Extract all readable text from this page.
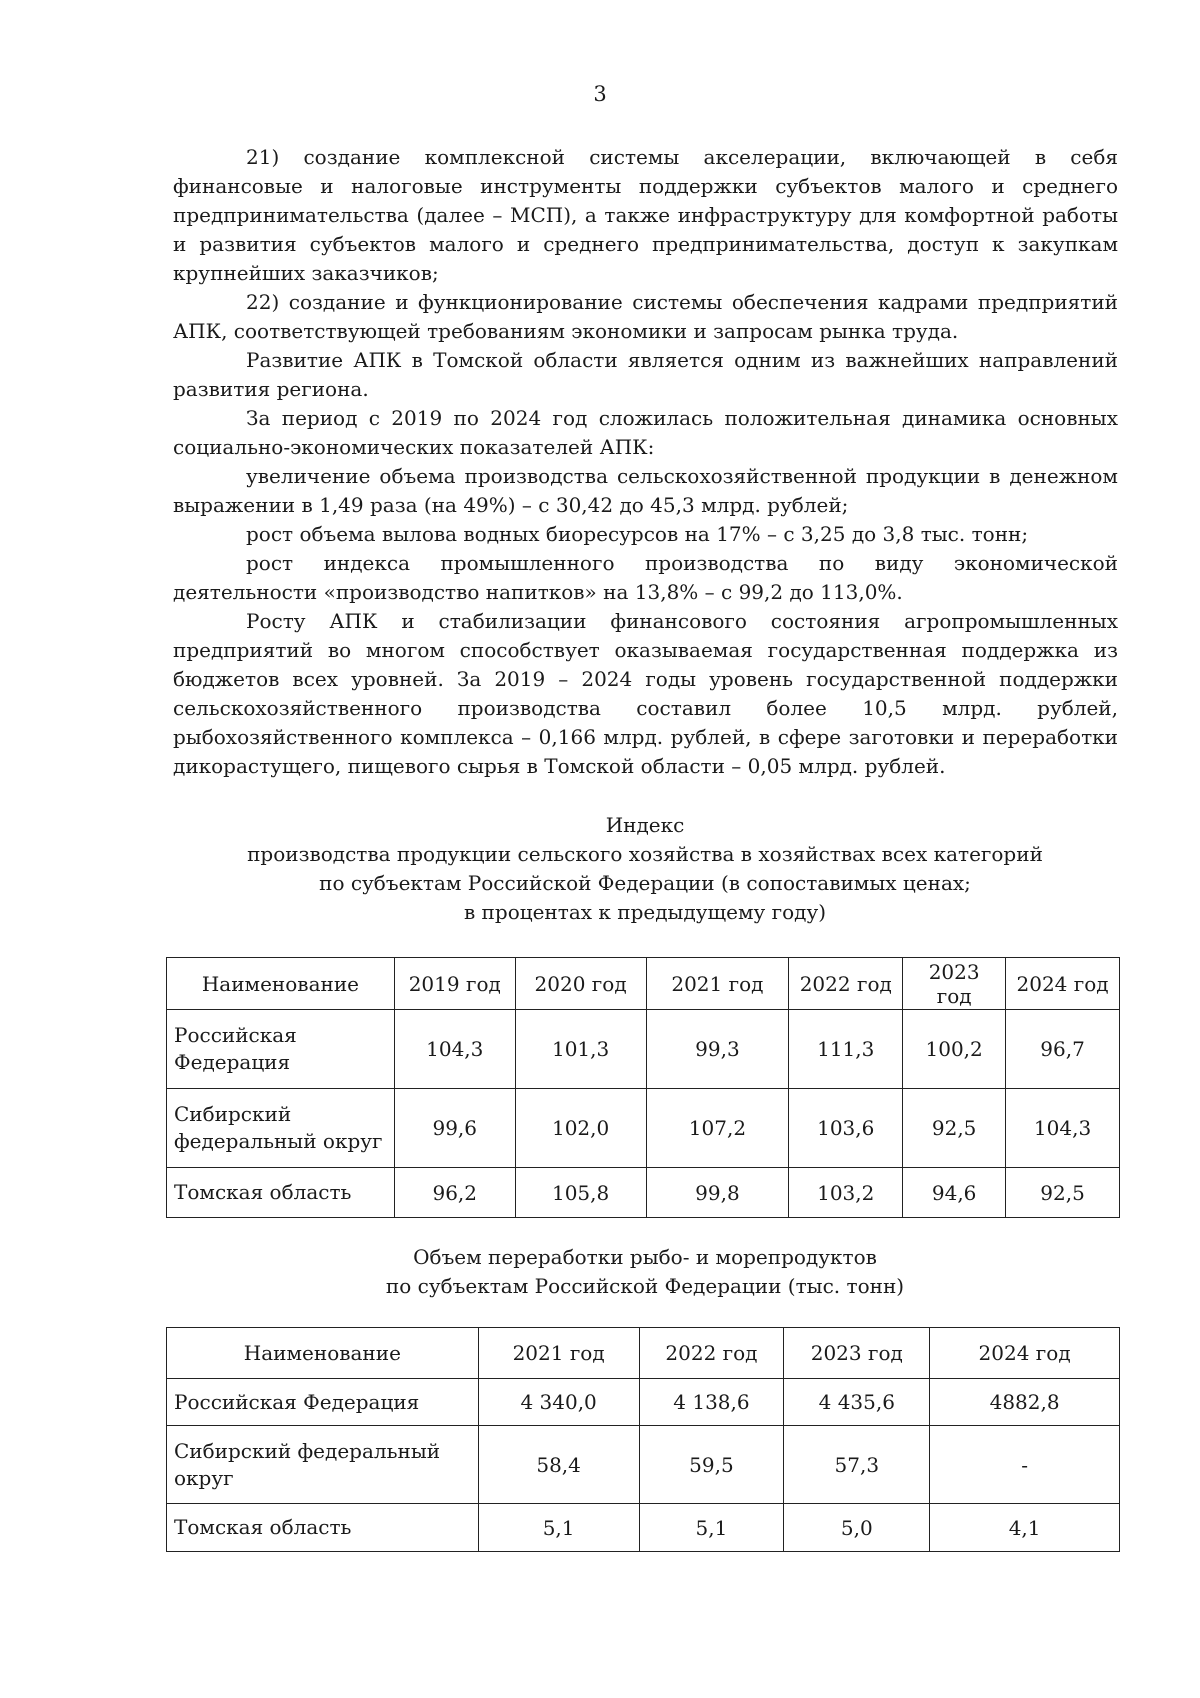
3

21) создание комплексной системы акселерации, включающей в себя финансовые и налоговые инструменты поддержки субъектов малого и среднего предпринимательства (далее – МСП), а также инфраструктуру для комфортной работы и развития субъектов малого и среднего предпринимательства, доступ к закупкам крупнейших заказчиков;

22) создание и функционирование системы обеспечения кадрами предприятий АПК, соответствующей требованиям экономики и запросам рынка труда.

Развитие АПК в Томской области является одним из важнейших направлений развития региона.

За период с 2019 по 2024 год сложилась положительная динамика основных социально-экономических показателей АПК:

увеличение объема производства сельскохозяйственной продукции в денежном выражении в 1,49 раза (на 49%) – с 30,42 до 45,3 млрд. рублей;

рост объема вылова водных биоресурсов на 17% – с 3,25 до 3,8 тыс. тонн;

рост индекса промышленного производства по виду экономической деятельности «производство напитков» на 13,8% – с 99,2 до 113,0%.

Росту АПК и стабилизации финансового состояния агропромышленных предприятий во многом способствует оказываемая государственная поддержка из бюджетов всех уровней. За 2019 – 2024 годы уровень государственной поддержки сельскохозяйственного производства составил более 10,5 млрд. рублей, рыбохозяйственного комплекса – 0,166 млрд. рублей, в сфере заготовки и переработки дикорастущего, пищевого сырья в Томской области – 0,05 млрд. рублей.

Индекс
производства продукции сельского хозяйства в хозяйствах всех категорий
по субъектам Российской Федерации (в сопоставимых ценах;
в процентах к предыдущему году)
Наименование	2019 год	2020 год	2021 год	2022 год	2023 год	2024 год

Российская
Федерация	104,3	101,3	99,3	111,3	100,2	96,7

Сибирский
федеральный округ	99,6	102,0	107,2	103,6	92,5	104,3

Томская область	96,2	105,8	99,8	103,2	94,6	92,5
Объем переработки рыбо- и морепродуктов
по субъектам Российской Федерации (тыс. тонн)
Наименование	2021 год	2022 год	2023 год	2024 год

Российская Федерация	4 340,0	4 138,6	4 435,6	4882,8

Сибирский федеральный
округ	58,4	59,5	57,3	-

Томская область	5,1	5,1	5,0	4,1
